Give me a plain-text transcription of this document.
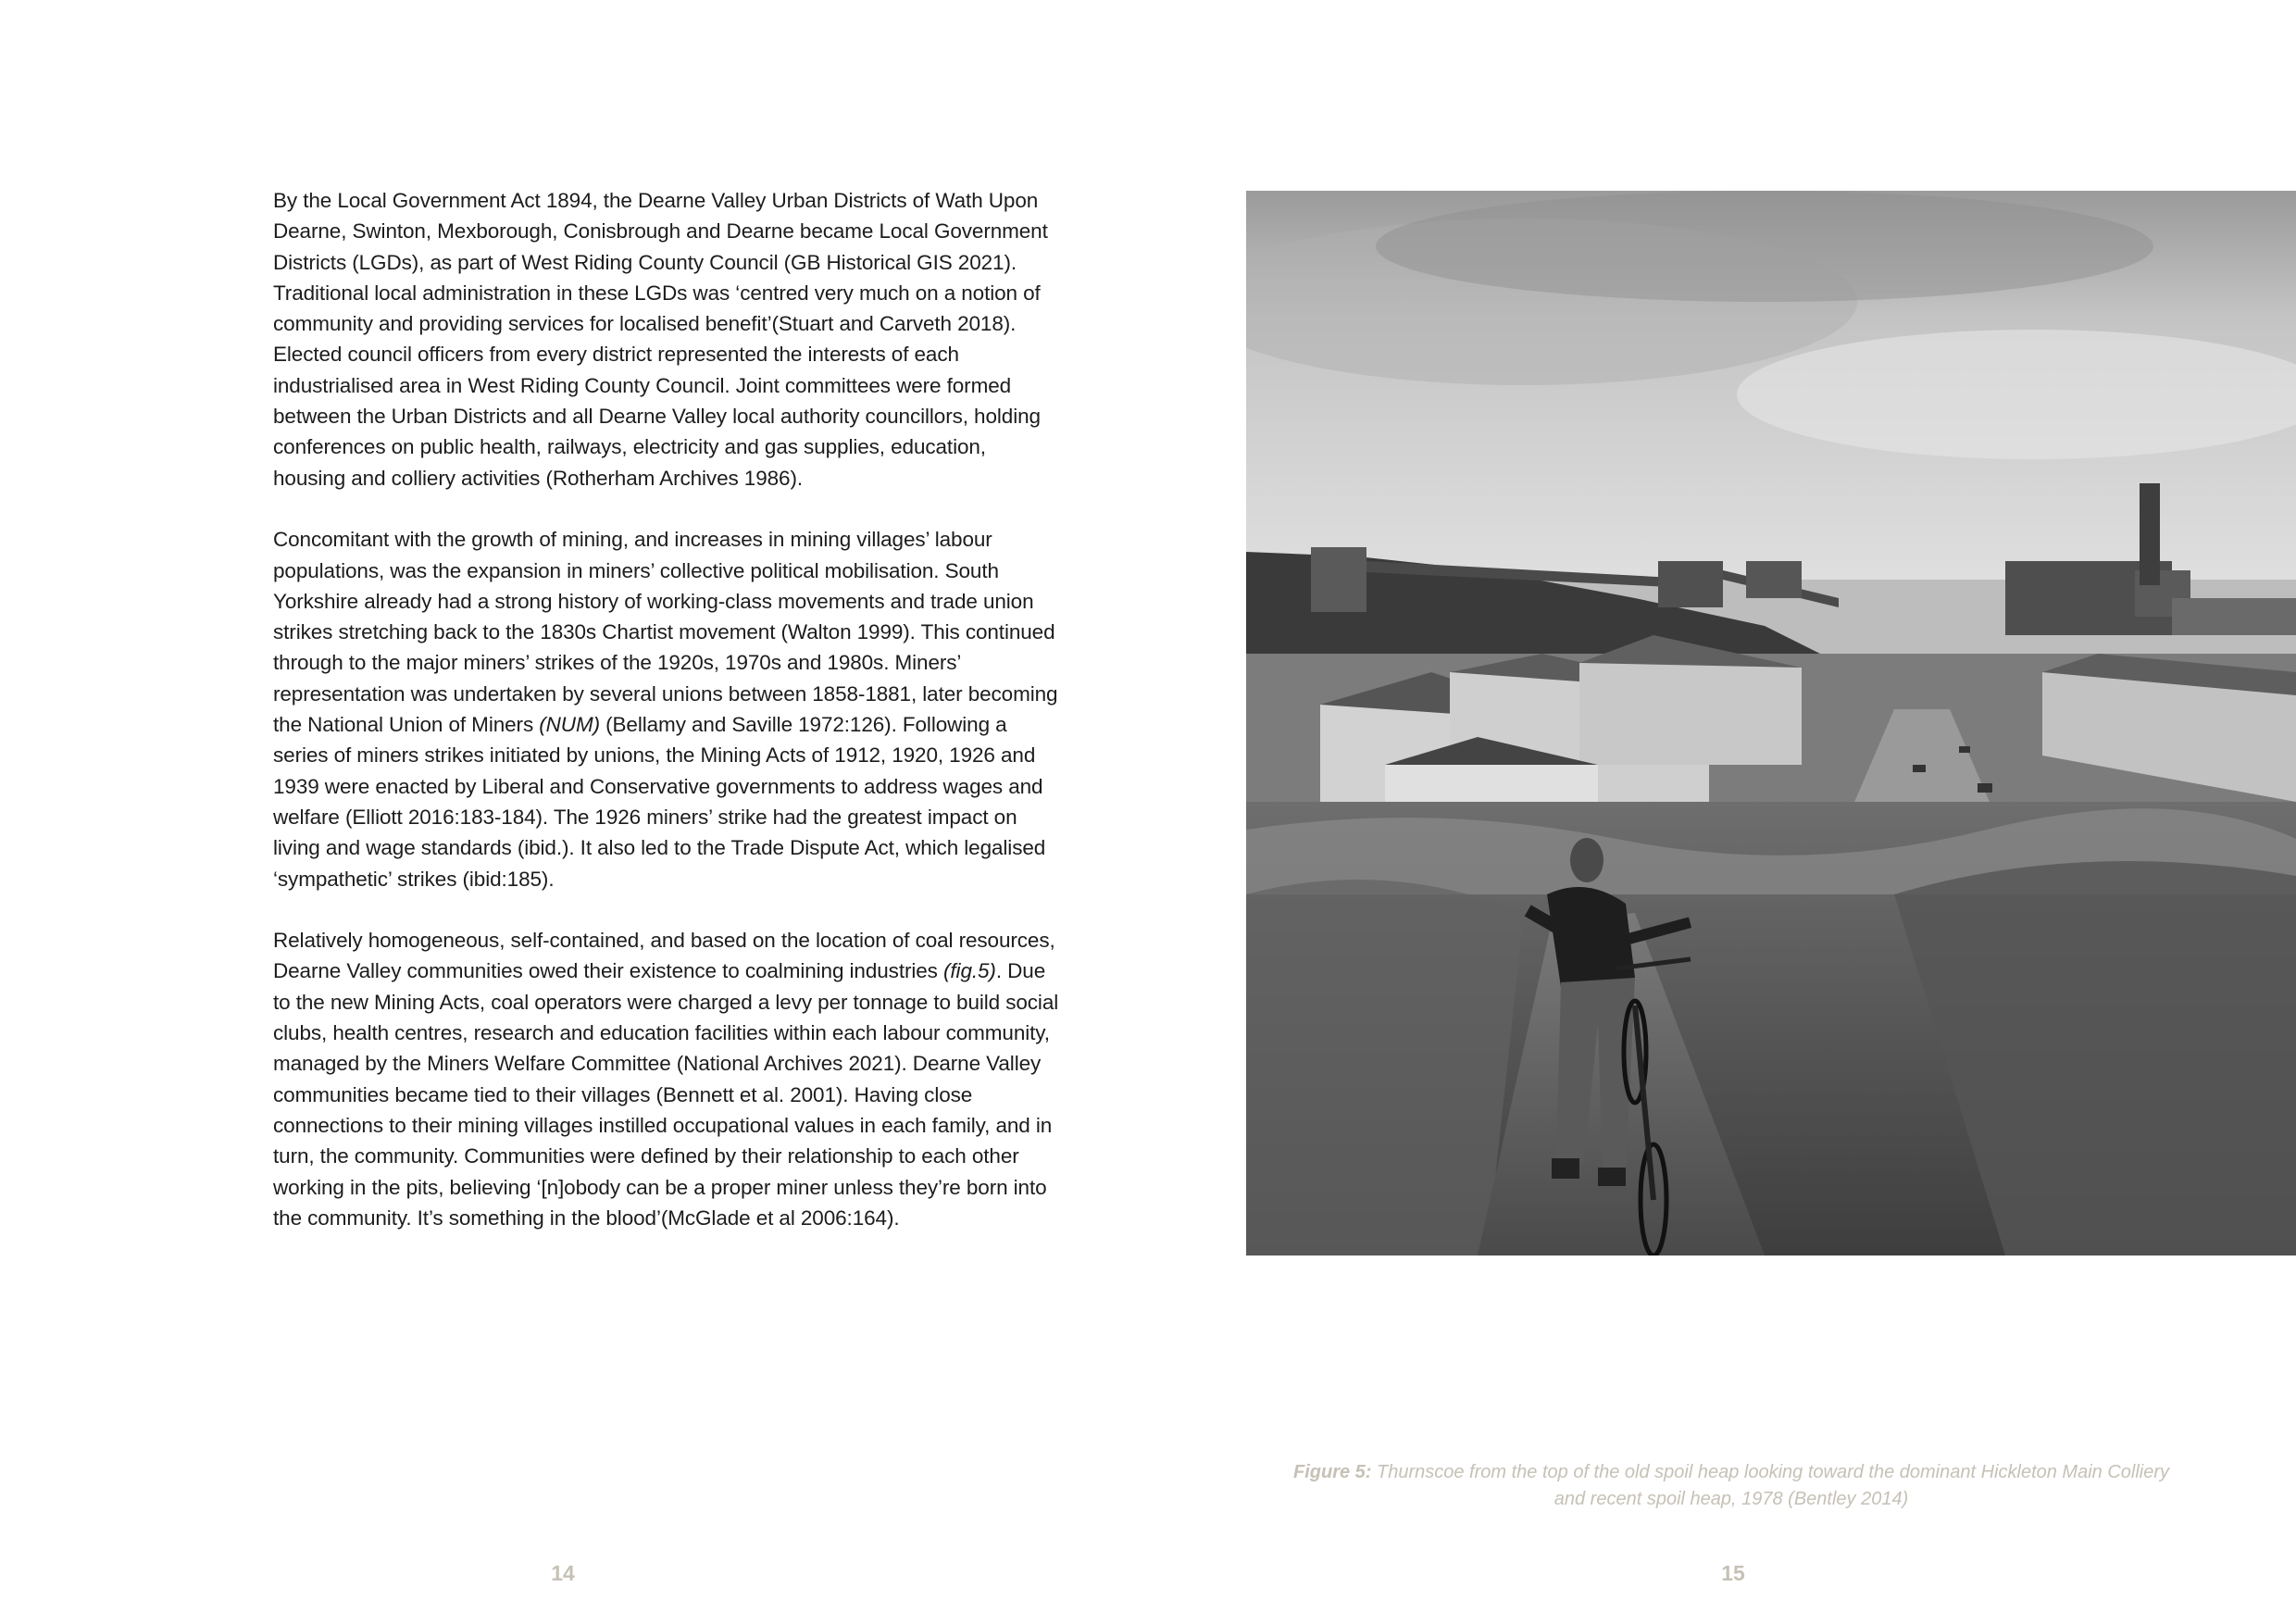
By the Local Government Act 1894, the Dearne Valley Urban Districts of Wath Upon Dearne, Swinton, Mexborough, Conisbrough and Dearne became Local Government Districts (LGDs), as part of West Riding County Council (GB Historical GIS 2021). Traditional local administration in these LGDs was ‘centred very much on a notion of community and providing services for localised benefit’(Stuart and Carveth 2018). Elected council officers from every district represented the interests of each industrialised area in West Riding County Council. Joint committees were formed between the Urban Districts and all Dearne Valley local authority councillors, holding conferences on public health, railways, electricity and gas supplies, education, housing and colliery activities (Rotherham Archives 1986).

Concomitant with the growth of mining, and increases in mining villages’ labour populations, was the expansion in miners’ collective political mobilisation. South Yorkshire already had a strong history of working-class movements and trade union strikes stretching back to the 1830s Chartist movement (Walton 1999). This continued through to the major miners’ strikes of the 1920s, 1970s and 1980s. Miners’ representation was undertaken by several unions between 1858-1881, later becoming the National Union of Miners (NUM) (Bellamy and Saville 1972:126). Following a series of miners strikes initiated by unions, the Mining Acts of 1912, 1920, 1926 and 1939 were enacted by Liberal and Conservative governments to address wages and welfare (Elliott 2016:183-184). The 1926 miners’ strike had the greatest impact on living and wage standards (ibid.). It also led to the Trade Dispute Act, which legalised ‘sympathetic’ strikes (ibid:185).

Relatively homogeneous, self-contained, and based on the location of coal resources, Dearne Valley communities owed their existence to coalmining industries (fig.5). Due to the new Mining Acts, coal operators were charged a levy per tonnage to build social clubs, health centres, research and education facilities within each labour community, managed by the Miners Welfare Committee (National Archives 2021). Dearne Valley communities became tied to their villages (Bennett et al. 2001). Having close connections to their mining villages instilled occupational values in each family, and in turn, the community. Communities were defined by their relationship to each other working in the pits, believing ‘[n]obody can be a proper miner unless they’re born into the community. It’s something in the blood’(McGlade et al 2006:164).

14	15
Figure 5: Thurnscoe from the top of the old spoil heap looking toward the dominant Hickleton Main Colliery
and recent spoil heap, 1978 (Bentley 2014)
